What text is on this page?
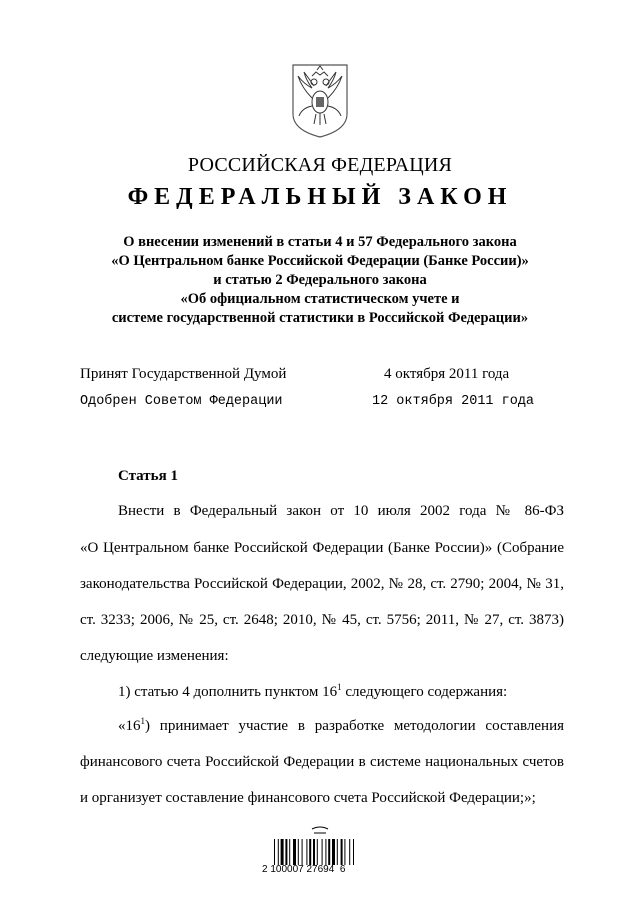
РОССИЙСКАЯ ФЕДЕРАЦИЯ
ФЕДЕРАЛЬНЫЙ ЗАКОН
О внесении изменений в статьи 4 и 57 Федерального закона
«О Центральном банке Российской Федерации (Банке России)»
и статью 2 Федерального закона
«Об официальном статистическом учете и
системе государственной статистики в Российской Федерации»
Принят Государственной Думой	4 октября 2011 года
Одобрен Советом Федерации	12 октября 2011 года
Статья 1
Внести в Федеральный закон от 10 июля 2002 года № 86-ФЗ
«О Центральном банке Российской Федерации (Банке России)» (Собрание
законодательства Российской Федерации, 2002, № 28, ст. 2790; 2004, № 31,
ст. 3233; 2006, № 25, ст. 2648; 2010, № 45, ст. 5756; 2011, № 27, ст. 3873)
следующие изменения:
1) статью 4 дополнить пунктом $16^1$ следующего содержания:
«$16^1$) принимает участие в разработке методологии составления
финансового счета Российской Федерации в системе национальных счетов
и организует составление финансового счета Российской Федерации;»;
2 100007 27694  6
